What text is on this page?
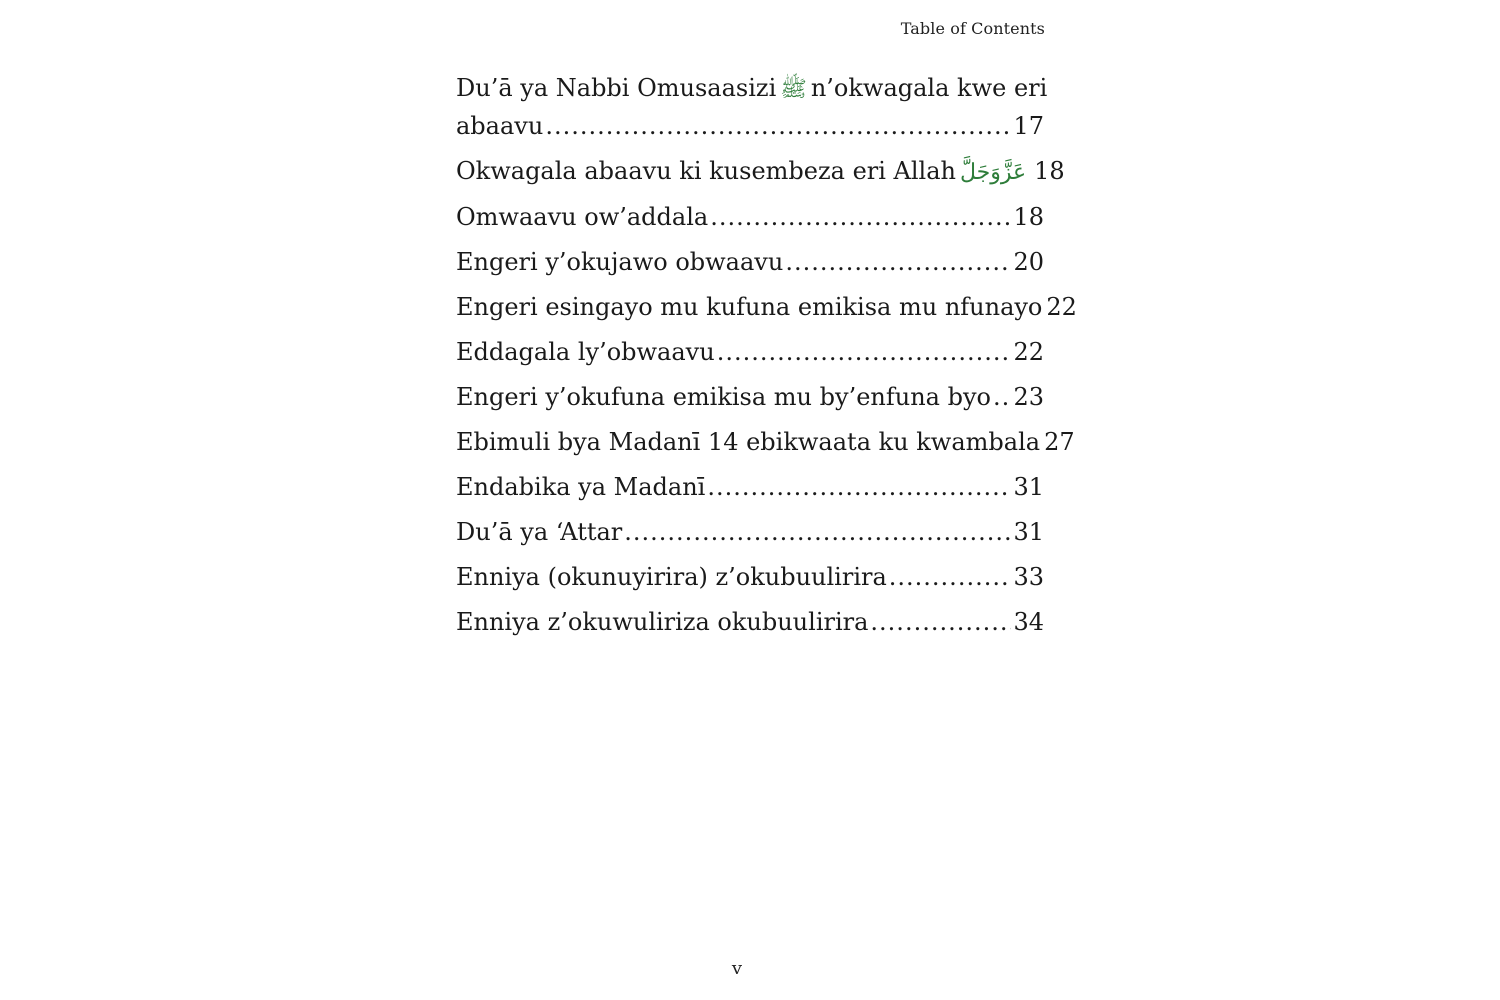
Table of Contents
Du’ā ya Nabbi Omusaasizi ﷺ n’okwagala kwe eri
abaavu .....	17
Okwagala abaavu ki kusembeza eri Allah عَزَّوَجَلَّ 18
Omwaavu ow’addala .....	18
Engeri y’okujawo obwaavu .....	20
Engeri esingayo mu kufuna emikisa mu nfunayo 22
Eddagala ly’obwaavu .....	22
Engeri y’okufuna emikisa mu by’enfuna byo ..... 23
Ebimuli bya Madanī 14 ebikwaata ku kwambala 27
Endabika ya Madanī .....	31
Du’ā ya ‘Attar .....	31
Enniya (okunuyirira) z’okubuulirira .....	33
Enniya z’okuwuliriza okubuulirira .....	34
v
